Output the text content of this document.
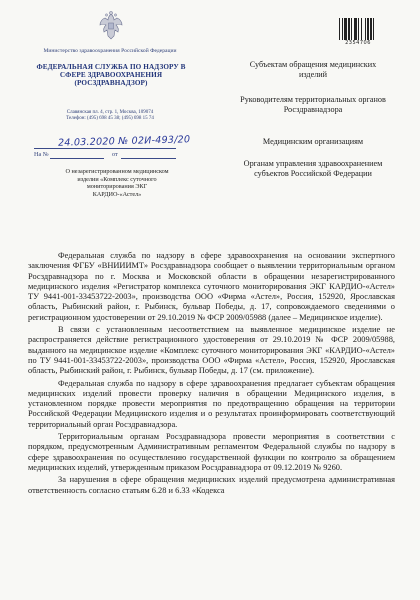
Министерство здравоохранения Российской Федерации
ФЕДЕРАЛЬНАЯ СЛУЖБА ПО НАДЗОРУ В СФЕРЕ ЗДРАВООХРАНЕНИЯ (РОСЗДРАВНАДЗОР)
Славянская пл. 4, стр. 1, Москва, 109074
Телефон: (495) 698 45 38; (495) 698 15 74
24.03.2020 № 02И-493/20
На №	от
О незарегистрированном медицинском изделии «Комплекс суточного мониторирования ЭКГ КАРДИО-«Астел»
2354706
Субъектам обращения медицинских изделий
Руководителям территориальных органов Росздравнадзора
Медицинским организациям
Органам управления здравоохранением субъектов Российской Федерации

Федеральная служба по надзору в сфере здравоохранения на основании экспертного заключения ФГБУ «ВНИИИМТ» Росздравнадзора сообщает о выявлении территориальным органом Росздравнадзора по г. Москва и Московской области в обращении незарегистрированного медицинского изделия «Регистратор комплекса суточного мониторирования ЭКГ КАРДИО-«Астел» ТУ 9441-001-33453722-2003», производства ООО «Фирма «Астел», Россия, 152920, Ярославская область, Рыбинский район, г. Рыбинск, бульвар Победы, д. 17, сопровождаемого сведениями о регистрационном удостоверении от 29.10.2019 № ФСР 2009/05988 (далее – Медицинское изделие).

В связи с установленным несоответствием на выявленное медицинское изделие не распространяется действие регистрационного удостоверения от 29.10.2019 № ФСР 2009/05988, выданного на медицинское изделие «Комплекс суточного мониторирования ЭКГ «КАРДИО-«Астел» по ТУ 9441-001-33453722-2003», производства ООО «Фирма «Астел», Россия, 152920, Ярославская область, Рыбинский район, г. Рыбинск, бульвар Победы, д. 17 (см. приложение).

Федеральная служба по надзору в сфере здравоохранения предлагает субъектам обращения медицинских изделий провести проверку наличия в обращении Медицинского изделия, в установленном порядке провести мероприятия по предотвращению обращения на территории Российской Федерации Медицинского изделия и о результатах проинформировать соответствующий территориальный орган Росздравнадзора.

Территориальным органам Росздравнадзора провести мероприятия в соответствии с порядком, предусмотренным Административным регламентом Федеральной службы по надзору в сфере здравоохранения по осуществлению государственной функции по контролю за обращением медицинских изделий, утвержденным приказом Росздравнадзора от 09.12.2019 № 9260.

За нарушения в сфере обращения медицинских изделий предусмотрена административная ответственность согласно статьям 6.28 и 6.33 «Кодекса
